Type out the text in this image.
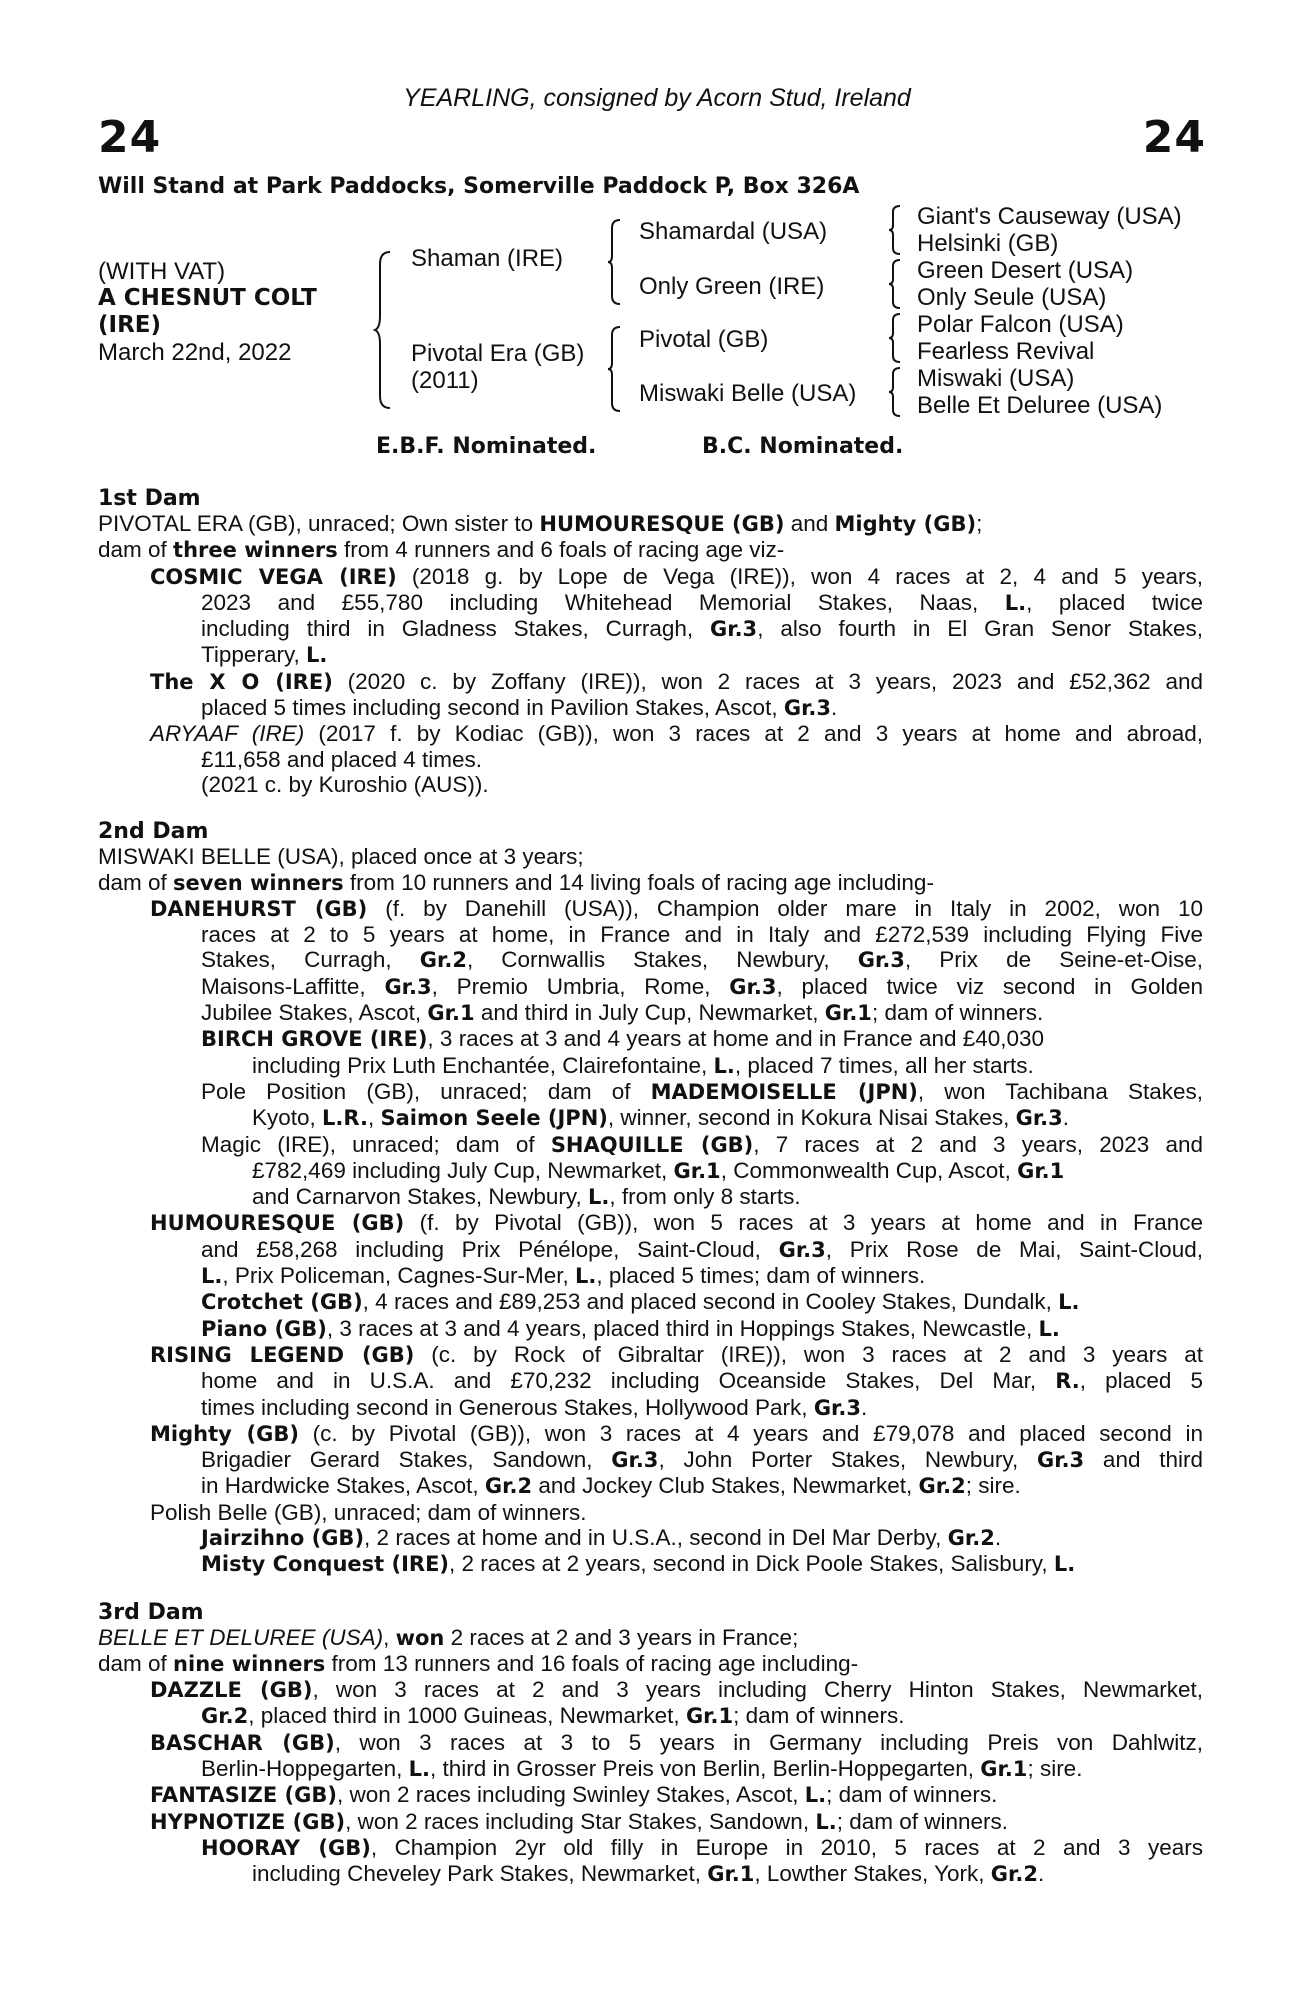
YEARLING, consigned by Acorn Stud, Ireland
24	24
Will Stand at Park Paddocks, Somerville Paddock P, Box 326A
(WITH VAT)
A CHESNUT COLT
(IRE)
March 22nd, 2022
Shaman (IRE)
Pivotal Era (GB)
(2011)
Shamardal (USA)
Only Green (IRE)
Pivotal (GB)
Miswaki Belle (USA)
Giant's Causeway (USA)
Helsinki (GB)
Green Desert (USA)
Only Seule (USA)
Polar Falcon (USA)
Fearless Revival
Miswaki (USA)
Belle Et Deluree (USA)
E.B.F. Nominated.	B.C. Nominated.
1st Dam
PIVOTAL ERA (GB), unraced; Own sister to HUMOURESQUE (GB) and Mighty (GB);
dam of three winners from 4 runners and 6 foals of racing age viz-
COSMIC VEGA (IRE) (2018 g. by Lope de Vega (IRE)), won 4 races at 2, 4 and 5 years,
2023 and £55,780 including Whitehead Memorial Stakes, Naas, L., placed twice
including third in Gladness Stakes, Curragh, Gr.3, also fourth in El Gran Senor Stakes,
Tipperary, L.
The X O (IRE) (2020 c. by Zoffany (IRE)), won 2 races at 3 years, 2023 and £52,362 and
placed 5 times including second in Pavilion Stakes, Ascot, Gr.3.
ARYAAF (IRE) (2017 f. by Kodiac (GB)), won 3 races at 2 and 3 years at home and abroad,
£11,658 and placed 4 times.
(2021 c. by Kuroshio (AUS)).
2nd Dam
MISWAKI BELLE (USA), placed once at 3 years;
dam of seven winners from 10 runners and 14 living foals of racing age including-
DANEHURST (GB) (f. by Danehill (USA)), Champion older mare in Italy in 2002, won 10
races at 2 to 5 years at home, in France and in Italy and £272,539 including Flying Five
Stakes, Curragh, Gr.2, Cornwallis Stakes, Newbury, Gr.3, Prix de Seine-et-Oise,
Maisons-Laffitte, Gr.3, Premio Umbria, Rome, Gr.3, placed twice viz second in Golden
Jubilee Stakes, Ascot, Gr.1 and third in July Cup, Newmarket, Gr.1; dam of winners.
BIRCH GROVE (IRE), 3 races at 3 and 4 years at home and in France and £40,030
including Prix Luth Enchantée, Clairefontaine, L., placed 7 times, all her starts.
Pole Position (GB), unraced; dam of MADEMOISELLE (JPN), won Tachibana Stakes,
Kyoto, L.R., Saimon Seele (JPN), winner, second in Kokura Nisai Stakes, Gr.3.
Magic (IRE), unraced; dam of SHAQUILLE (GB), 7 races at 2 and 3 years, 2023 and
£782,469 including July Cup, Newmarket, Gr.1, Commonwealth Cup, Ascot, Gr.1
and Carnarvon Stakes, Newbury, L., from only 8 starts.
HUMOURESQUE (GB) (f. by Pivotal (GB)), won 5 races at 3 years at home and in France
and £58,268 including Prix Pénélope, Saint-Cloud, Gr.3, Prix Rose de Mai, Saint-Cloud,
L., Prix Policeman, Cagnes-Sur-Mer, L., placed 5 times; dam of winners.
Crotchet (GB), 4 races and £89,253 and placed second in Cooley Stakes, Dundalk, L.
Piano (GB), 3 races at 3 and 4 years, placed third in Hoppings Stakes, Newcastle, L.
RISING LEGEND (GB) (c. by Rock of Gibraltar (IRE)), won 3 races at 2 and 3 years at
home and in U.S.A. and £70,232 including Oceanside Stakes, Del Mar, R., placed 5
times including second in Generous Stakes, Hollywood Park, Gr.3.
Mighty (GB) (c. by Pivotal (GB)), won 3 races at 4 years and £79,078 and placed second in
Brigadier Gerard Stakes, Sandown, Gr.3, John Porter Stakes, Newbury, Gr.3 and third
in Hardwicke Stakes, Ascot, Gr.2 and Jockey Club Stakes, Newmarket, Gr.2; sire.
Polish Belle (GB), unraced; dam of winners.
Jairzihno (GB), 2 races at home and in U.S.A., second in Del Mar Derby, Gr.2.
Misty Conquest (IRE), 2 races at 2 years, second in Dick Poole Stakes, Salisbury, L.
3rd Dam
BELLE ET DELUREE (USA), won 2 races at 2 and 3 years in France;
dam of nine winners from 13 runners and 16 foals of racing age including-
DAZZLE (GB), won 3 races at 2 and 3 years including Cherry Hinton Stakes, Newmarket,
Gr.2, placed third in 1000 Guineas, Newmarket, Gr.1; dam of winners.
BASCHAR (GB), won 3 races at 3 to 5 years in Germany including Preis von Dahlwitz,
Berlin-Hoppegarten, L., third in Grosser Preis von Berlin, Berlin-Hoppegarten, Gr.1; sire.
FANTASIZE (GB), won 2 races including Swinley Stakes, Ascot, L.; dam of winners.
HYPNOTIZE (GB), won 2 races including Star Stakes, Sandown, L.; dam of winners.
HOORAY (GB), Champion 2yr old filly in Europe in 2010, 5 races at 2 and 3 years
including Cheveley Park Stakes, Newmarket, Gr.1, Lowther Stakes, York, Gr.2.
